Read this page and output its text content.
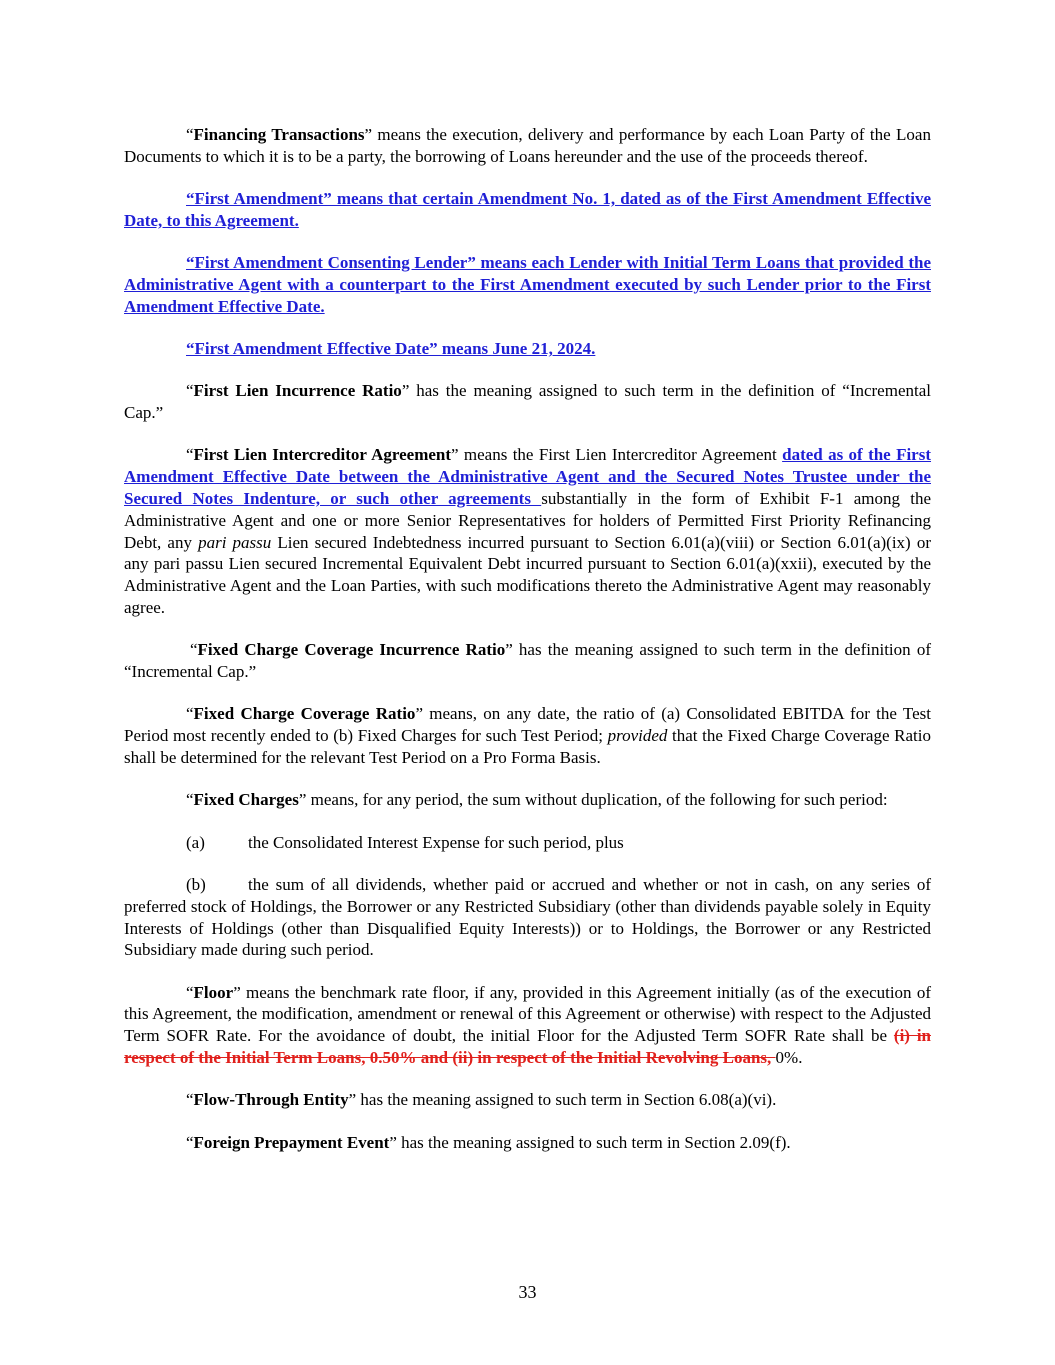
“Financing Transactions” means the execution, delivery and performance by each Loan Party of the Loan Documents to which it is to be a party, the borrowing of Loans hereunder and the use of the proceeds thereof.

“First Amendment” means that certain Amendment No. 1, dated as of the First Amendment Effective Date, to this Agreement.

“First Amendment Consenting Lender” means each Lender with Initial Term Loans that provided the Administrative Agent with a counterpart to the First Amendment executed by such Lender prior to the First Amendment Effective Date.

“First Amendment Effective Date” means June 21, 2024.

“First Lien Incurrence Ratio” has the meaning assigned to such term in the definition of “Incremental Cap.”

“First Lien Intercreditor Agreement” means the First Lien Intercreditor Agreement dated as of the First Amendment Effective Date between the Administrative Agent and the Secured Notes Trustee under the Secured Notes Indenture, or such other agreements substantially in the form of Exhibit F-1 among the Administrative Agent and one or more Senior Representatives for holders of Permitted First Priority Refinancing Debt, any pari passu Lien secured Indebtedness incurred pursuant to Section 6.01(a)(viii) or Section 6.01(a)(ix) or any pari passu Lien secured Incremental Equivalent Debt incurred pursuant to Section 6.01(a)(xxii), executed by the Administrative Agent and the Loan Parties, with such modifications thereto the Administrative Agent may reasonably agree.

“Fixed Charge Coverage Incurrence Ratio” has the meaning assigned to such term in the definition of “Incremental Cap.”

“Fixed Charge Coverage Ratio” means, on any date, the ratio of (a) Consolidated EBITDA for the Test Period most recently ended to (b) Fixed Charges for such Test Period; provided that the Fixed Charge Coverage Ratio shall be determined for the relevant Test Period on a Pro Forma Basis.

“Fixed Charges” means, for any period, the sum without duplication, of the following for such period:

(a)	the Consolidated Interest Expense for such period, plus

(b) the sum of all dividends, whether paid or accrued and whether or not in cash, on any series of preferred stock of Holdings, the Borrower or any Restricted Subsidiary (other than dividends payable solely in Equity Interests of Holdings (other than Disqualified Equity Interests)) or to Holdings, the Borrower or any Restricted Subsidiary made during such period.

“Floor” means the benchmark rate floor, if any, provided in this Agreement initially (as of the execution of this Agreement, the modification, amendment or renewal of this Agreement or otherwise) with respect to the Adjusted Term SOFR Rate. For the avoidance of doubt, the initial Floor for the Adjusted Term SOFR Rate shall be (i) in respect of the Initial Term Loans, 0.50% and (ii) in respect of the Initial Revolving Loans, 0%.

“Flow-Through Entity” has the meaning assigned to such term in Section 6.08(a)(vi).

“Foreign Prepayment Event” has the meaning assigned to such term in Section 2.09(f).

33
